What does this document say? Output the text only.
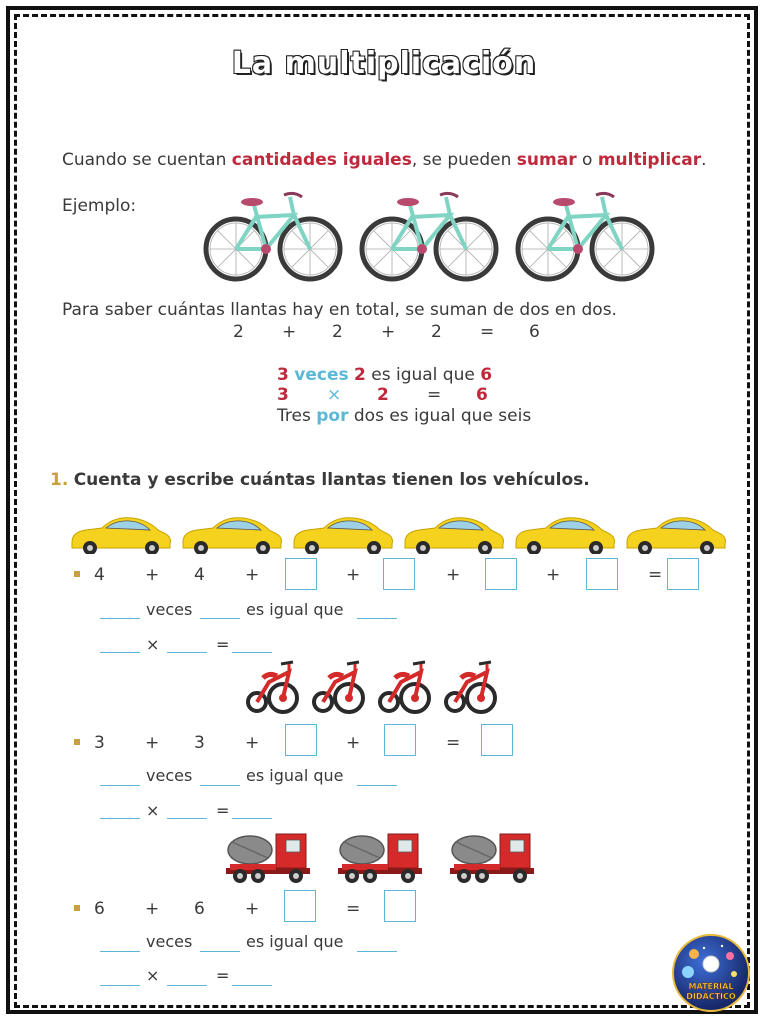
La multiplicación
Cuando se cuentan cantidades iguales, se pueden sumar o multiplicar.
Ejemplo:
Para saber cuántas llantas hay en total, se suman de dos en dos.
2 + 2 + 2 = 6
3 veces 2 es igual que 6
3 × 2 = 6
Tres por dos es igual que seis
1. Cuenta y escribe cuántas llantas tienen los vehículos.
4 + 4 +	+	+	+	=
veces	es igual que
×	=
3 + 3 +	+	=
veces	es igual que
×	=
6 + 6 +	=
veces	es igual que
×	=
MATERIAL
DIDÁCTICO
